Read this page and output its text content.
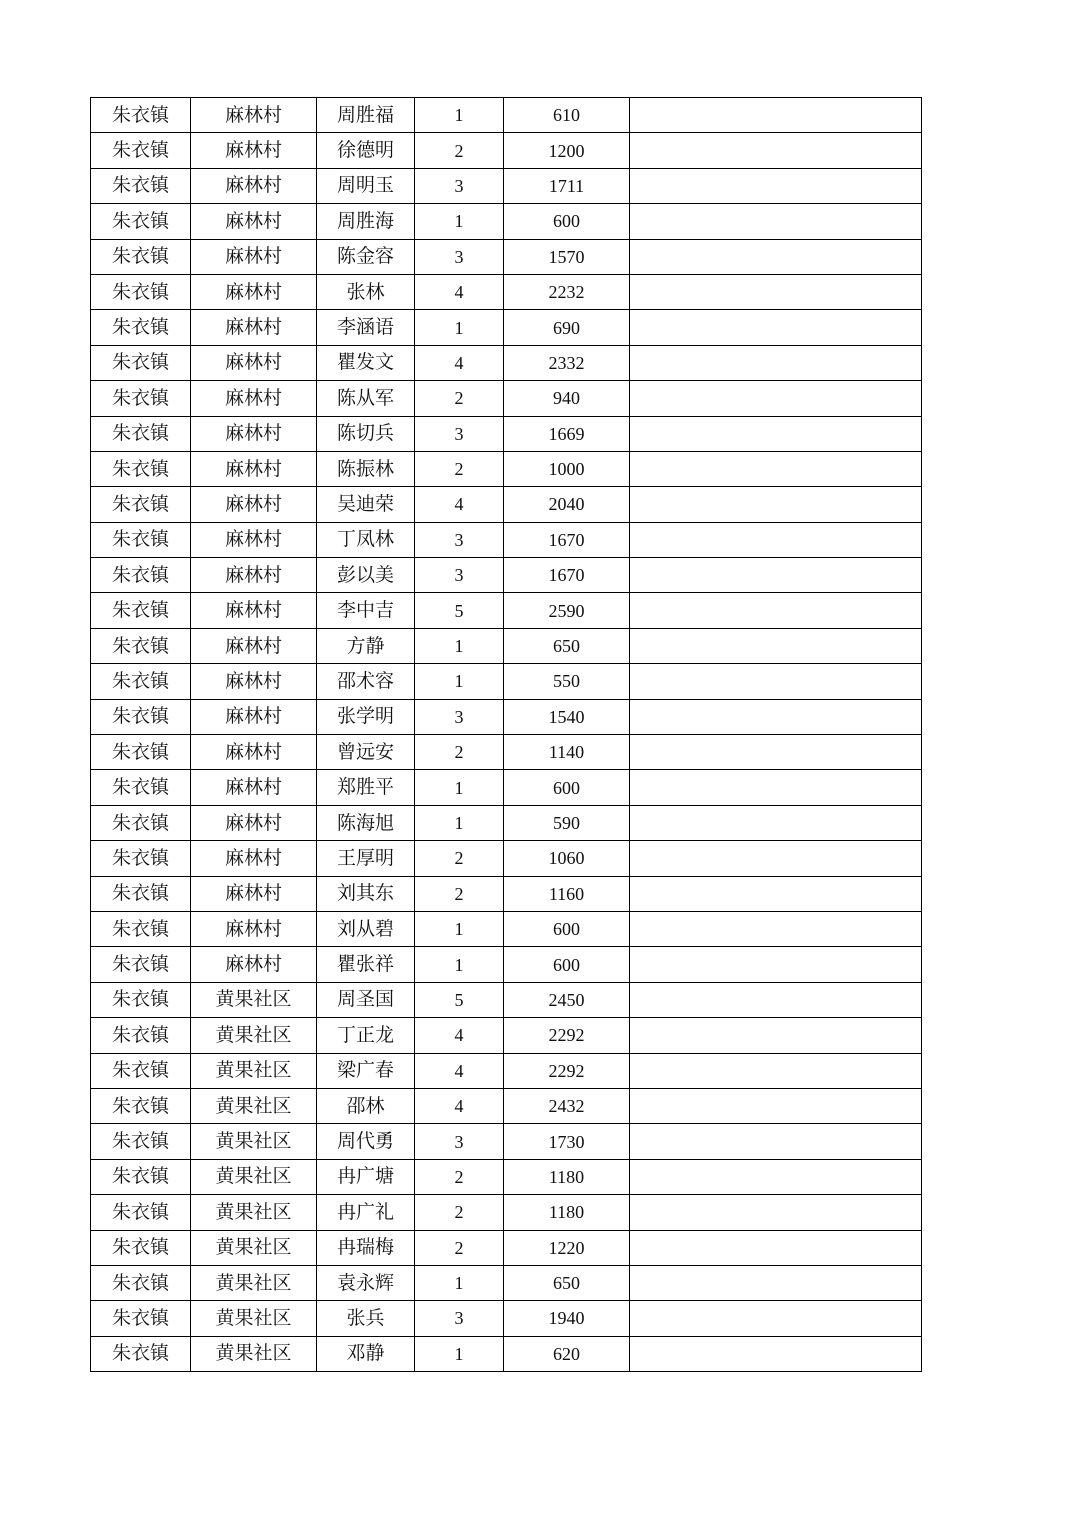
朱衣镇	麻林村	周胜福	1	610	
朱衣镇	麻林村	徐德明	2	1200	
朱衣镇	麻林村	周明玉	3	1711	
朱衣镇	麻林村	周胜海	1	600	
朱衣镇	麻林村	陈金容	3	1570	
朱衣镇	麻林村	张林	4	2232	
朱衣镇	麻林村	李涵语	1	690	
朱衣镇	麻林村	瞿发文	4	2332	
朱衣镇	麻林村	陈从军	2	940	
朱衣镇	麻林村	陈切兵	3	1669	
朱衣镇	麻林村	陈振林	2	1000	
朱衣镇	麻林村	吴迪荣	4	2040	
朱衣镇	麻林村	丁凤林	3	1670	
朱衣镇	麻林村	彭以美	3	1670	
朱衣镇	麻林村	李中吉	5	2590	
朱衣镇	麻林村	方静	1	650	
朱衣镇	麻林村	邵术容	1	550	
朱衣镇	麻林村	张学明	3	1540	
朱衣镇	麻林村	曾远安	2	1140	
朱衣镇	麻林村	郑胜平	1	600	
朱衣镇	麻林村	陈海旭	1	590	
朱衣镇	麻林村	王厚明	2	1060	
朱衣镇	麻林村	刘其东	2	1160	
朱衣镇	麻林村	刘从碧	1	600	
朱衣镇	麻林村	瞿张祥	1	600	
朱衣镇	黄果社区	周圣国	5	2450	
朱衣镇	黄果社区	丁正龙	4	2292	
朱衣镇	黄果社区	梁广春	4	2292	
朱衣镇	黄果社区	邵林	4	2432	
朱衣镇	黄果社区	周代勇	3	1730	
朱衣镇	黄果社区	冉广塘	2	1180	
朱衣镇	黄果社区	冉广礼	2	1180	
朱衣镇	黄果社区	冉瑞梅	2	1220	
朱衣镇	黄果社区	袁永辉	1	650	
朱衣镇	黄果社区	张兵	3	1940	
朱衣镇	黄果社区	邓静	1	620	
